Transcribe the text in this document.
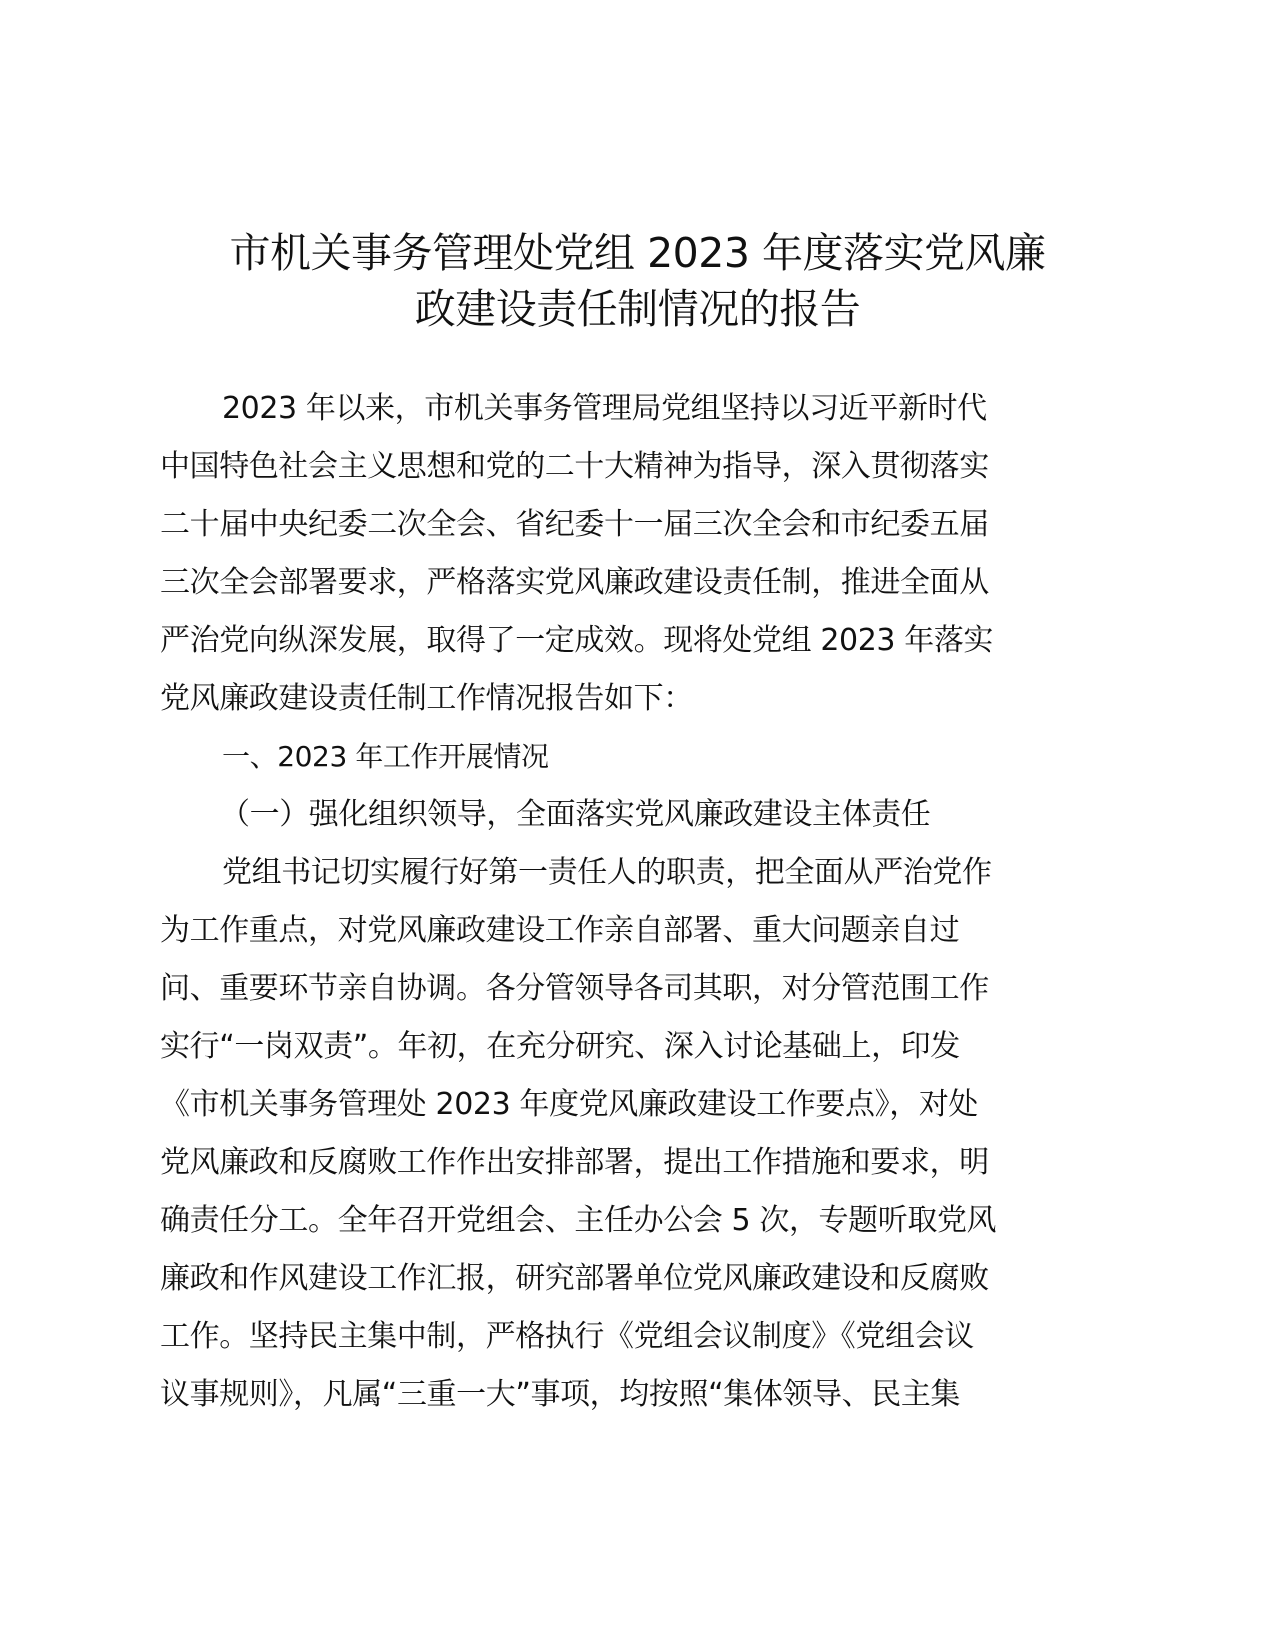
市机关事务管理处党组 2023 年度落实党风廉
政建设责任制情况的报告
2023 年以来，市机关事务管理局党组坚持以习近平新时代
中国特色社会主义思想和党的二十大精神为指导，深入贯彻落实
二十届中央纪委二次全会、省纪委十一届三次全会和市纪委五届
三次全会部署要求，严格落实党风廉政建设责任制，推进全面从
严治党向纵深发展，取得了一定成效。现将处党组 2023 年落实
党风廉政建设责任制工作情况报告如下：
一、2023 年工作开展情况
（一）强化组织领导，全面落实党风廉政建设主体责任
党组书记切实履行好第一责任人的职责，把全面从严治党作
为工作重点，对党风廉政建设工作亲自部署、重大问题亲自过
问、重要环节亲自协调。各分管领导各司其职，对分管范围工作
实行“一岗双责”。年初，在充分研究、深入讨论基础上，印发
《市机关事务管理处 2023 年度党风廉政建设工作要点》，对处
党风廉政和反腐败工作作出安排部署，提出工作措施和要求，明
确责任分工。全年召开党组会、主任办公会 5 次，专题听取党风
廉政和作风建设工作汇报，研究部署单位党风廉政建设和反腐败
工作。坚持民主集中制，严格执行《党组会议制度》《党组会议
议事规则》，凡属“三重一大”事项，均按照“集体领导、民主集
